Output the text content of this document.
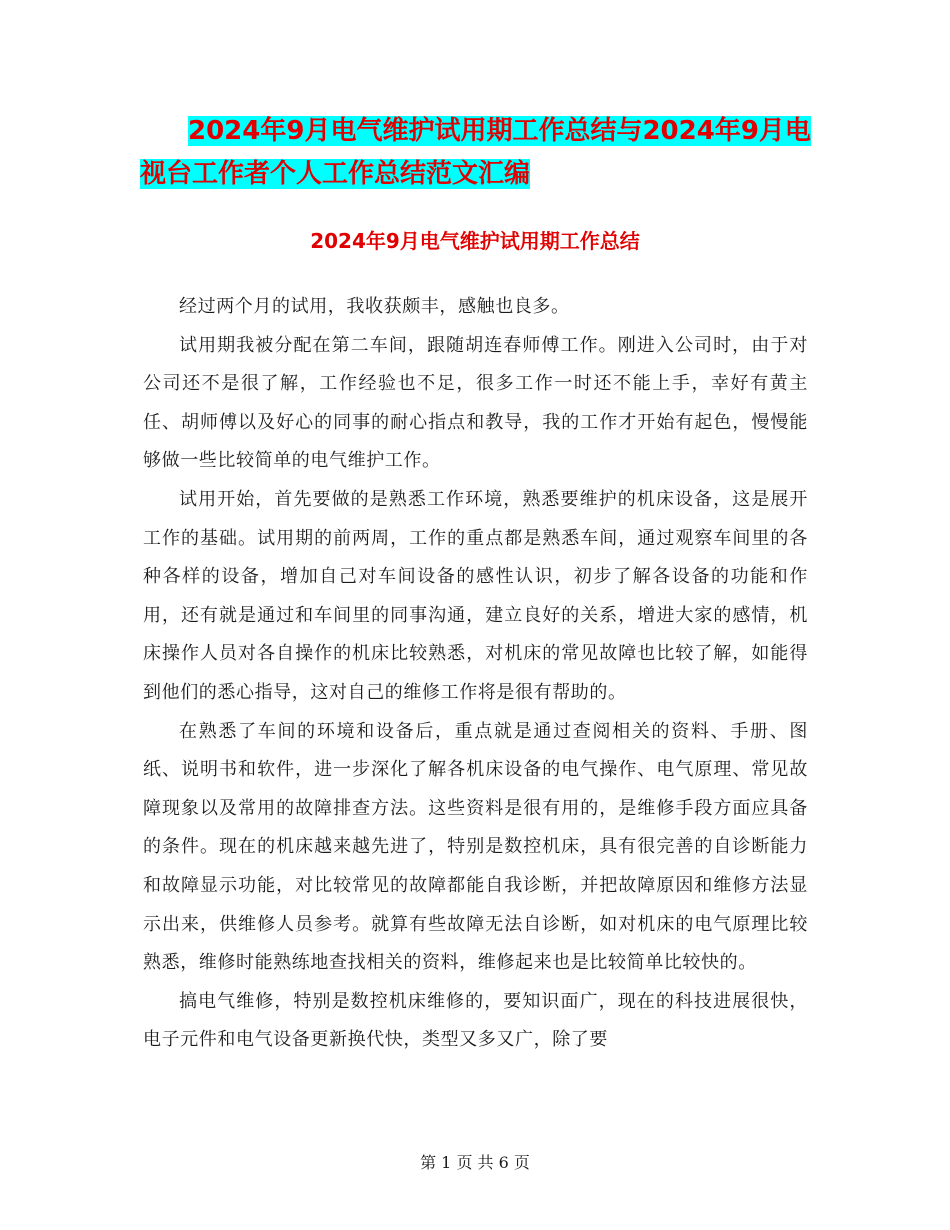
2024年9月电气维护试用期工作总结与2024年9月电
视台工作者个人工作总结范文汇编
2024年9月电气维护试用期工作总结

经过两个月的试用，我收获颇丰，感触也良多。

试用期我被分配在第二车间，跟随胡连春师傅工作。刚进入公司时，由于对公司还不是很了解，工作经验也不足，很多工作一时还不能上手，幸好有黄主任、胡师傅以及好心的同事的耐心指点和教导，我的工作才开始有起色，慢慢能够做一些比较简单的电气维护工作。

试用开始，首先要做的是熟悉工作环境，熟悉要维护的机床设备，这是展开工作的基础。试用期的前两周，工作的重点都是熟悉车间，通过观察车间里的各种各样的设备，增加自己对车间设备的感性认识，初步了解各设备的功能和作用，还有就是通过和车间里的同事沟通，建立良好的关系，增进大家的感情，机床操作人员对各自操作的机床比较熟悉，对机床的常见故障也比较了解，如能得到他们的悉心指导，这对自己的维修工作将是很有帮助的。

在熟悉了车间的环境和设备后，重点就是通过查阅相关的资料、手册、图纸、说明书和软件，进一步深化了解各机床设备的电气操作、电气原理、常见故障现象以及常用的故障排查方法。这些资料是很有用的，是维修手段方面应具备的条件。现在的机床越来越先进了，特别是数控机床，具有很完善的自诊断能力和故障显示功能，对比较常见的故障都能自我诊断，并把故障原因和维修方法显示出来，供维修人员参考。就算有些故障无法自诊断，如对机床的电气原理比较熟悉，维修时能熟练地查找相关的资料，维修起来也是比较简单比较快的。

搞电气维修，特别是数控机床维修的，要知识面广，现在的科技进展很快，电子元件和电气设备更新换代快，类型又多又广，除了要

第 1 页 共 6 页
